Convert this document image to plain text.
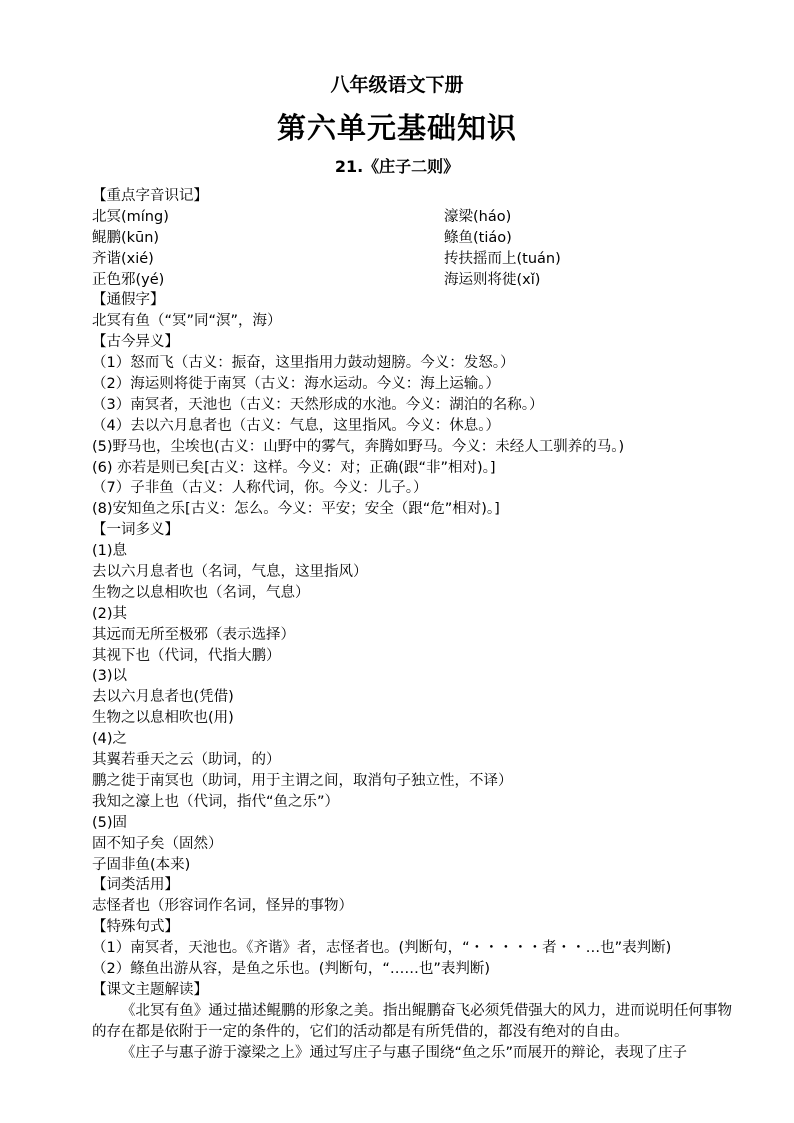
八年级语文下册
第六单元基础知识
21.《庄子二则》
【重点字音识记】
北冥(míng)	濠梁(háo)
鲲鹏(kūn)	鲦鱼(tiáo)
齐谐(xié)	抟扶摇而上(tuán)
正色邪(yé)	海运则将徙(xǐ)
【通假字】
北冥有鱼（“冥”同“溟”，海）
【古今异义】
（1）怒而飞（古义：振奋，这里指用力鼓动翅膀。今义：发怒。）
（2）海运则将徙于南冥（古义：海水运动。今义：海上运输。）
（3）南冥者，天池也（古义：天然形成的水池。今义：湖泊的名称。）
（4）去以六月息者也（古义：气息，这里指风。今义：休息。）
(5)野马也，尘埃也(古义：山野中的雾气，奔腾如野马。今义：未经人工驯养的马。)
(6) 亦若是则已矣[古义：这样。今义：对；正确(跟“非”相对)。]
（7）子非鱼（古义：人称代词，你。今义：儿子。）
(8)安知鱼之乐[古义：怎么。今义：平安；安全（跟“危”相对)。]
【一词多义】
(1)息
去以六月息者也（名词，气息，这里指风）
生物之以息相吹也（名词，气息）
(2)其
其远而无所至极邪（表示选择）
其视下也（代词，代指大鹏）
(3)以
去以六月息者也(凭借)
生物之以息相吹也(用)
(4)之
其翼若垂天之云（助词，的）
鹏之徙于南冥也（助词，用于主谓之间，取消句子独立性，不译）
我知之濠上也（代词，指代“鱼之乐”）
(5)固
固不知子矣（固然）
子固非鱼(本来)
【词类活用】
志怪者也（形容词作名词，怪异的事物）
【特殊句式】
（1）南冥者，天池也。《齐谐》者，志怪者也。(判断句，“・・・・・者・・…也”表判断)
（2）鲦鱼出游从容，是鱼之乐也。(判断句，“……也”表判断)
【课文主题解读】
《北冥有鱼》通过描述鲲鹏的形象之美。指出鲲鹏奋飞必须凭借强大的风力，进而说明任何事物的存在都是依附于一定的条件的，它们的活动都是有所凭借的，都没有绝对的自由。
《庄子与惠子游于濠梁之上》通过写庄子与惠子围绕“鱼之乐”而展开的辩论，表现了庄子
